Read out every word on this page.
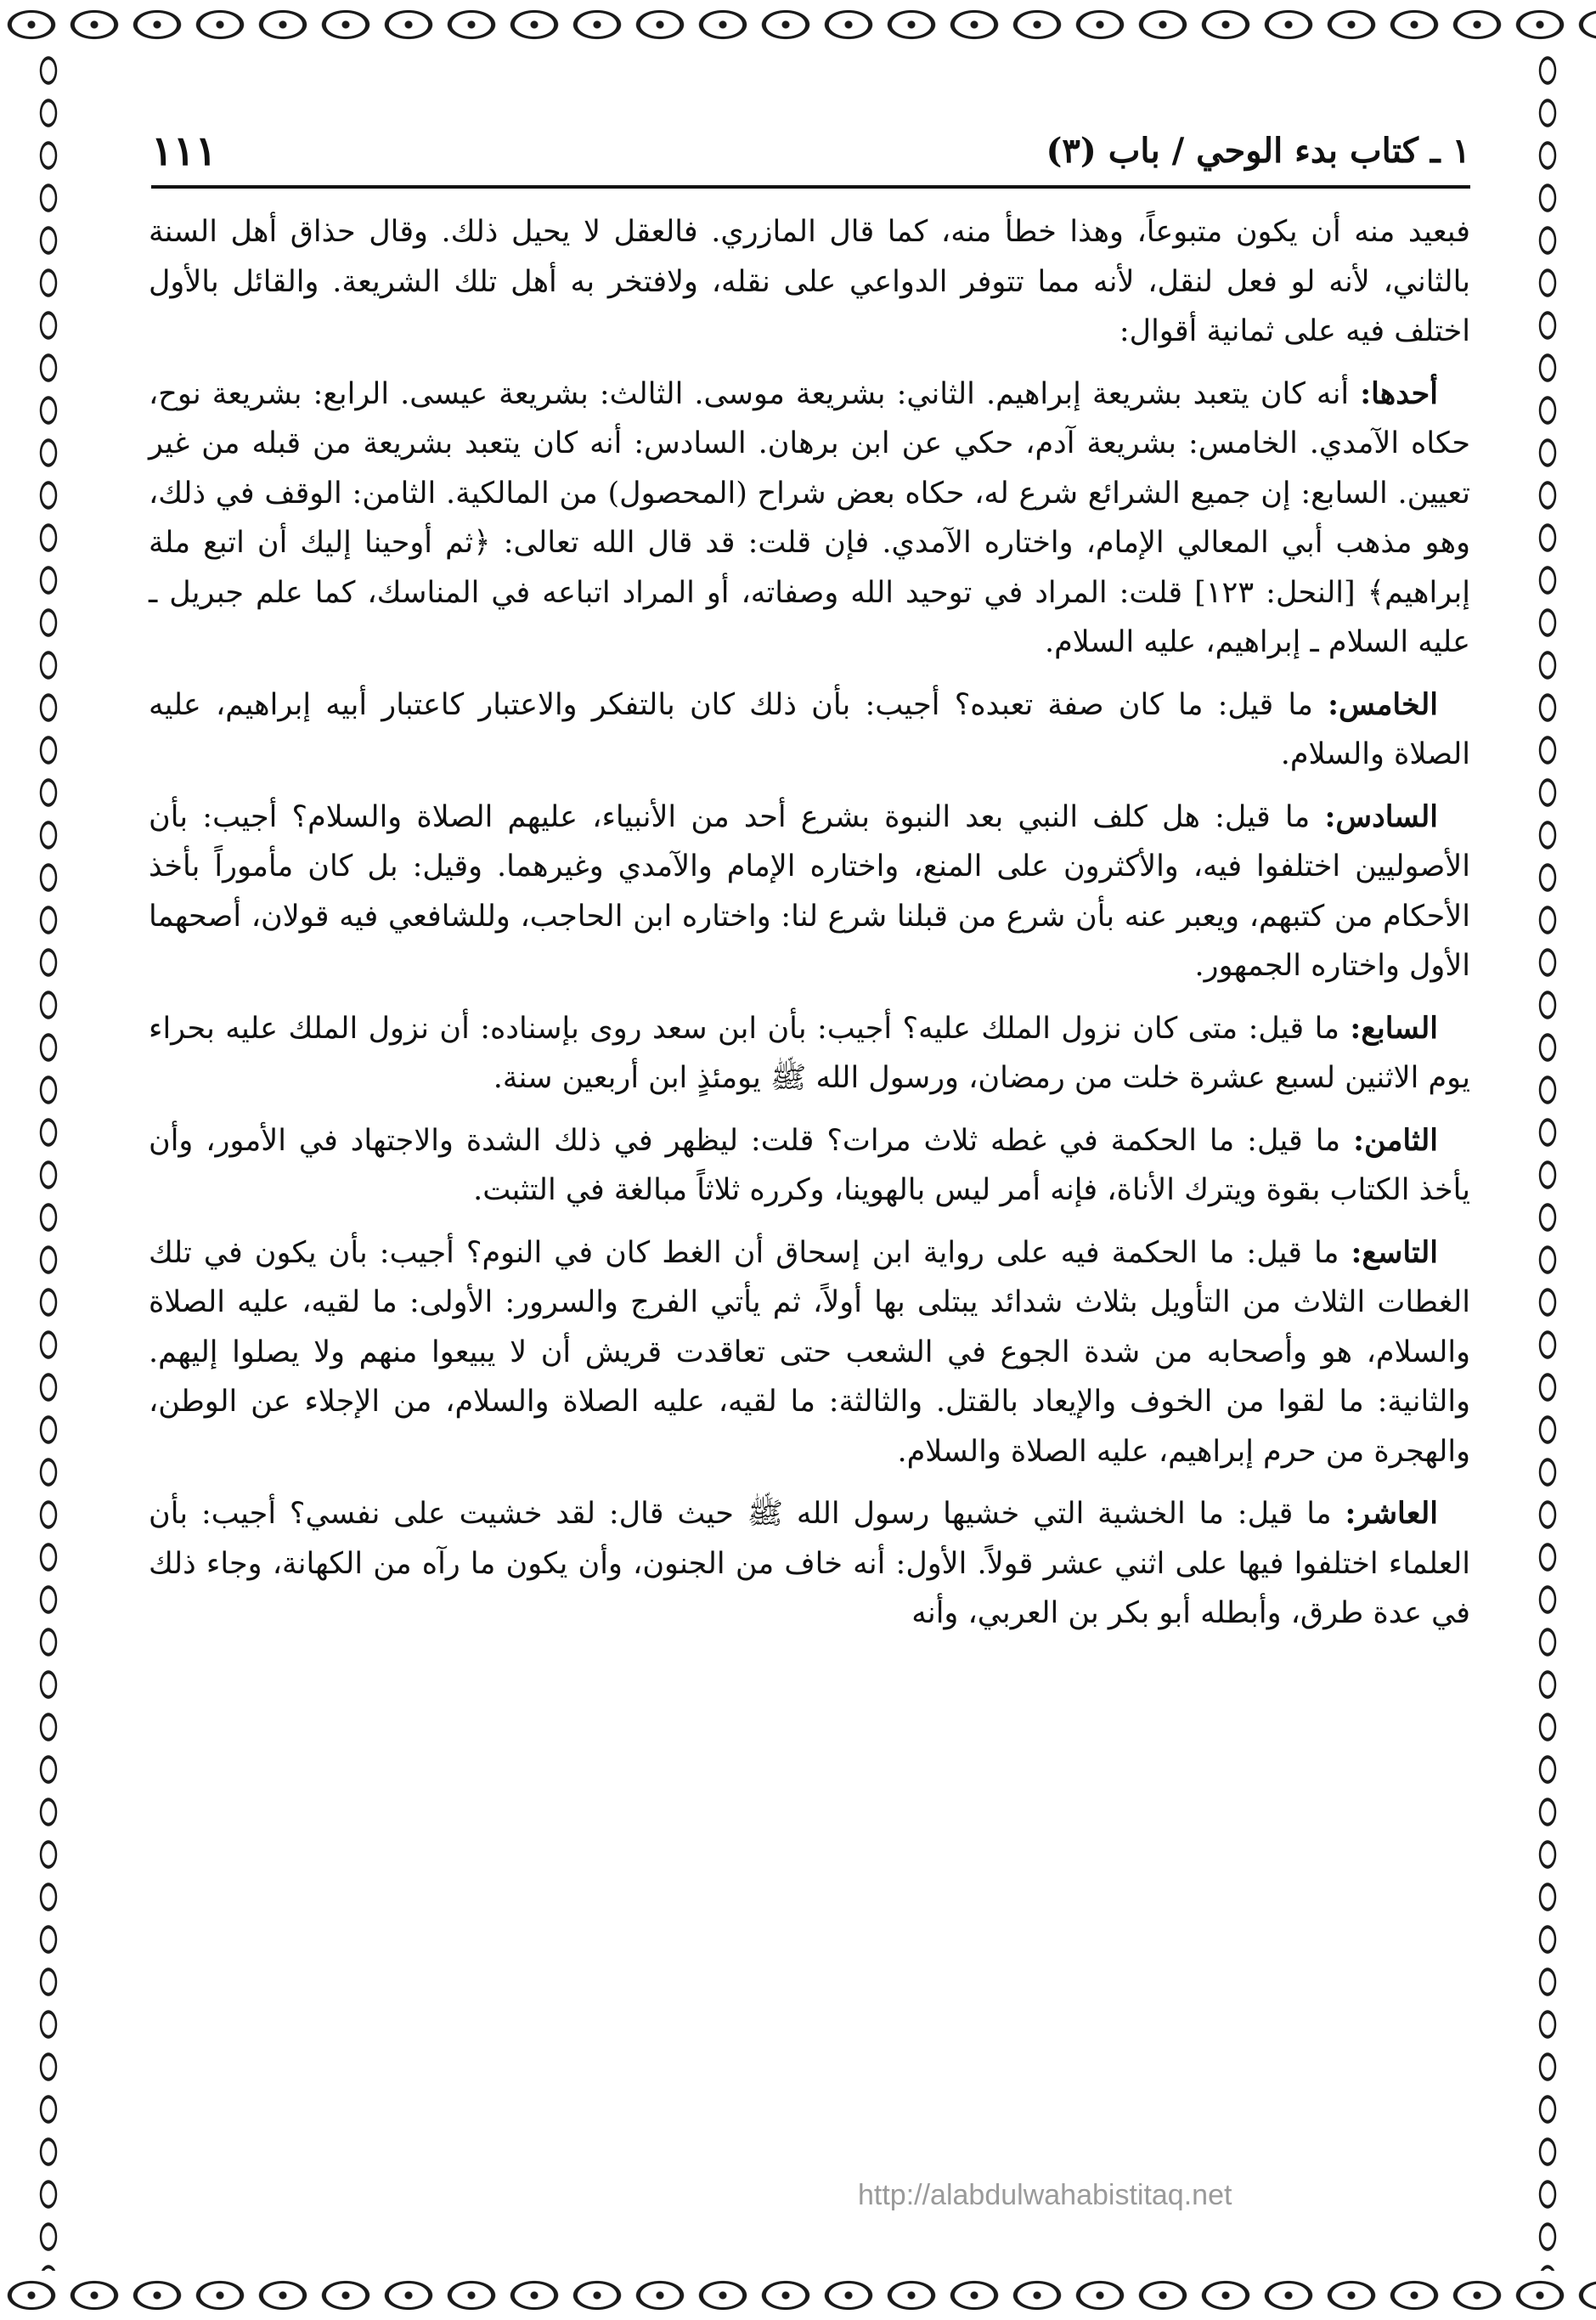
١ ـ كتاب بدء الوحي / باب (٣)
١١١

فبعيد منه أن يكون متبوعاً، وهذا خطأ منه، كما قال المازري. فالعقل لا يحيل ذلك. وقال حذاق أهل السنة بالثاني، لأنه لو فعل لنقل، لأنه مما تتوفر الدواعي على نقله، ولافتخر به أهل تلك الشريعة. والقائل بالأول اختلف فيه على ثمانية أقوال:

أحدها: أنه كان يتعبد بشريعة إبراهيم. الثاني: بشريعة موسى. الثالث: بشريعة عيسى. الرابع: بشريعة نوح، حكاه الآمدي. الخامس: بشريعة آدم، حكي عن ابن برهان. السادس: أنه كان يتعبد بشريعة من قبله من غير تعيين. السابع: إن جميع الشرائع شرع له، حكاه بعض شراح (المحصول) من المالكية. الثامن: الوقف في ذلك، وهو مذهب أبي المعالي الإمام، واختاره الآمدي. فإن قلت: قد قال الله تعالى: ﴿ثم أوحينا إليك أن اتبع ملة إبراهيم﴾ [النحل: ١٢٣] قلت: المراد في توحيد الله وصفاته، أو المراد اتباعه في المناسك، كما علم جبريل ـ عليه السلام ـ إبراهيم، عليه السلام.

الخامس: ما قيل: ما كان صفة تعبده؟ أجيب: بأن ذلك كان بالتفكر والاعتبار كاعتبار أبيه إبراهيم، عليه الصلاة والسلام.

السادس: ما قيل: هل كلف النبي بعد النبوة بشرع أحد من الأنبياء، عليهم الصلاة والسلام؟ أجيب: بأن الأصوليين اختلفوا فيه، والأكثرون على المنع، واختاره الإمام والآمدي وغيرهما. وقيل: بل كان مأموراً بأخذ الأحكام من كتبهم، ويعبر عنه بأن شرع من قبلنا شرع لنا: واختاره ابن الحاجب، وللشافعي فيه قولان، أصحهما الأول واختاره الجمهور.

السابع: ما قيل: متى كان نزول الملك عليه؟ أجيب: بأن ابن سعد روى بإسناده: أن نزول الملك عليه بحراء يوم الاثنين لسبع عشرة خلت من رمضان، ورسول الله ﷺ يومئذٍ ابن أربعين سنة.

الثامن: ما قيل: ما الحكمة في غطه ثلاث مرات؟ قلت: ليظهر في ذلك الشدة والاجتهاد في الأمور، وأن يأخذ الكتاب بقوة ويترك الأناة، فإنه أمر ليس بالهوينا، وكرره ثلاثاً مبالغة في التثبت.

التاسع: ما قيل: ما الحكمة فيه على رواية ابن إسحاق أن الغط كان في النوم؟ أجيب: بأن يكون في تلك الغطات الثلاث من التأويل بثلاث شدائد يبتلى بها أولاً، ثم يأتي الفرج والسرور: الأولى: ما لقيه، عليه الصلاة والسلام، هو وأصحابه من شدة الجوع في الشعب حتى تعاقدت قريش أن لا يبيعوا منهم ولا يصلوا إليهم. والثانية: ما لقوا من الخوف والإيعاد بالقتل. والثالثة: ما لقيه، عليه الصلاة والسلام، من الإجلاء عن الوطن، والهجرة من حرم إبراهيم، عليه الصلاة والسلام.

العاشر: ما قيل: ما الخشية التي خشيها رسول الله ﷺ حيث قال: لقد خشيت على نفسي؟ أجيب: بأن العلماء اختلفوا فيها على اثني عشر قولاً. الأول: أنه خاف من الجنون، وأن يكون ما رآه من الكهانة، وجاء ذلك في عدة طرق، وأبطله أبو بكر بن العربي، وأنه

http://alabdulwahabistitaq.net
